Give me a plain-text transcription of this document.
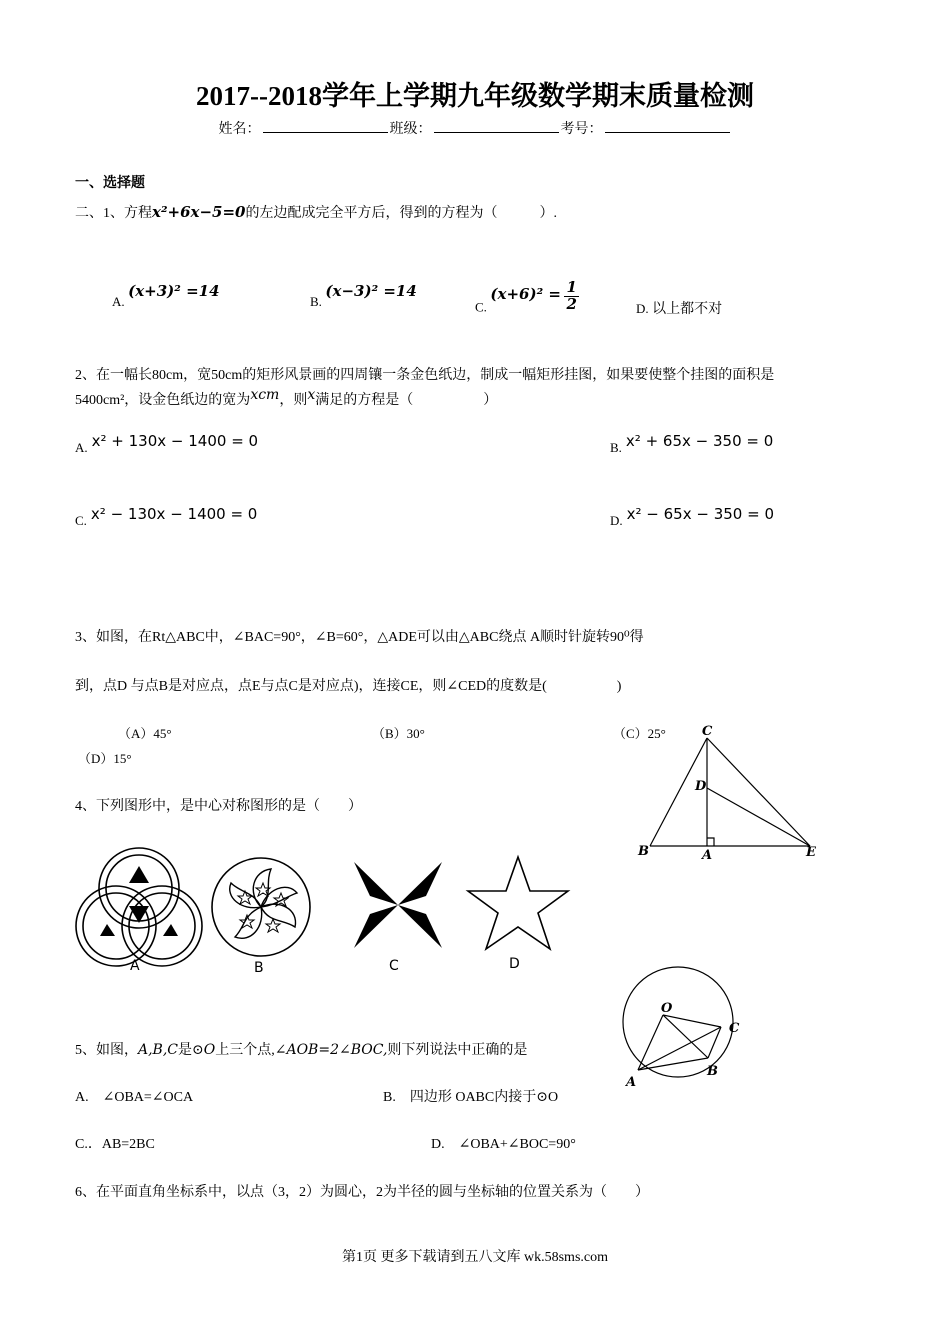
2017--2018学年上学期九年级数学期末质量检测
姓名：	班级：	考号：
一、选择题
二、1、方程x²+6x−5=0的左边配成完全平方后，得到的方程为（　　　）.
A. (x+3)² =14
B. (x−3)² =14
C. $(x+6)^2 = \frac{1}{2}$	D. 以上都不对
2、在一幅长80cm，宽50cm的矩形风景画的四周镶一条金色纸边，制成一幅矩形挂图，如果要使整个挂图的面积是
5400cm²，设金色纸边的宽为xcm，则x满足的方程是（　　　　　）
A. x² + 130x − 1400 = 0	B. x² + 65x − 350 = 0
C. x² − 130x − 1400 = 0	D. x² − 65x − 350 = 0
3、如图，在Rt△ABC中，∠BAC=90°，∠B=60°，△ADE可以由△ABC绕点 A顺时针旋转90⁰得
到，点D 与点B是对应点，点E与点C是对应点)，连接CE，则∠CED的度数是(　　　　　)
（A）45°	（B）30°	（C）25°
（D）15°
C
D
B	A	E
4、下列图形中，是中心对称图形的是（　　）
A	B	C	D
O
C
B
A
5、如图，A,B,C是⊙O上三个点,∠AOB=2∠BOC,则下列说法中正确的是
A.　∠OBA=∠OCA	B.　四边形 OABC内接于⊙O
C.．AB=2BC	D.　∠OBA+∠BOC=90°
6、在平面直角坐标系中，以点（3，2）为圆心，2为半径的圆与坐标轴的位置关系为（　　）
第1页 更多下载请到五八文库 wk.58sms.com
